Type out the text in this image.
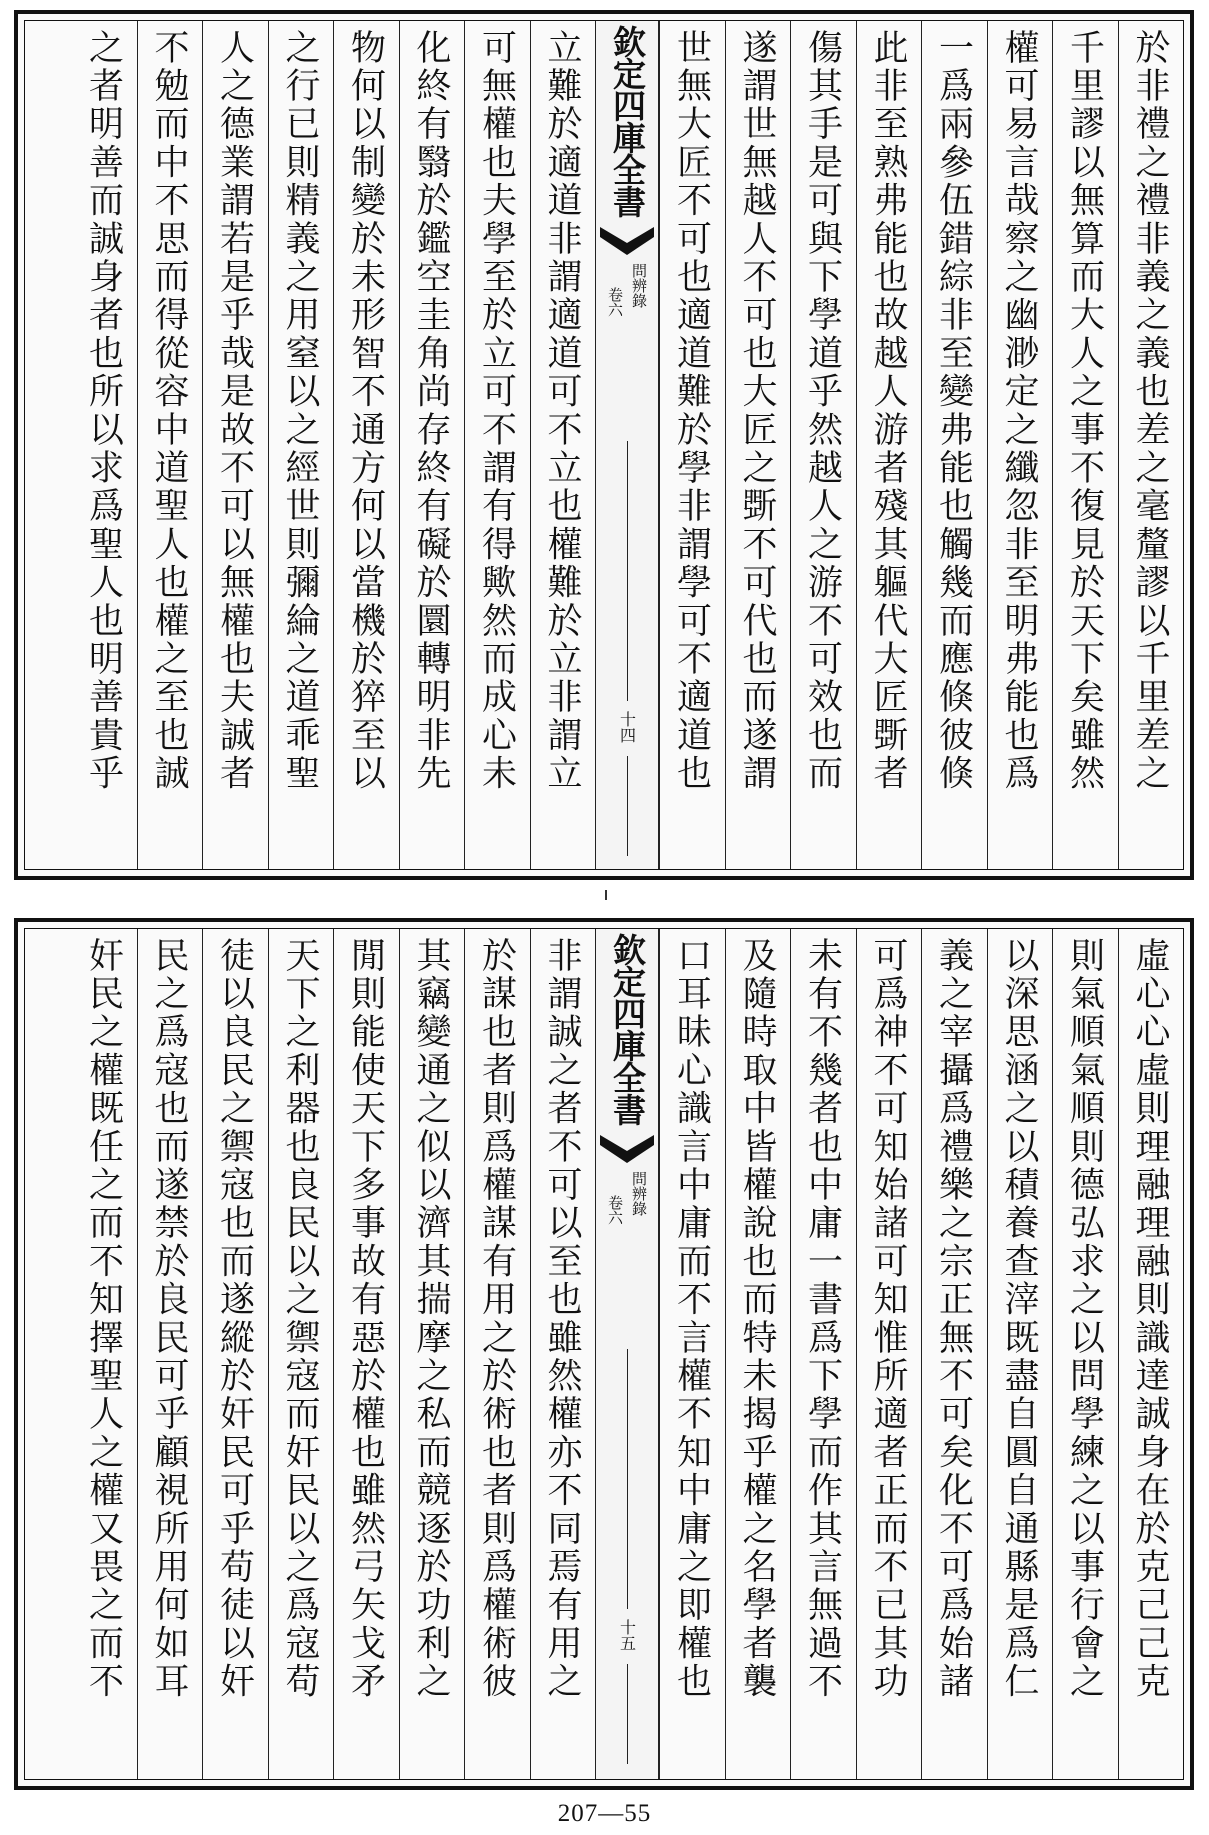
於非禮之禮非義之義也差之毫釐謬以千里差之
千里謬以無算而大人之事不復見於天下矣雖然
權可易言哉察之幽渺定之纖忽非至明弗能也爲
一爲兩參伍錯綜非至變弗能也觸幾而應倏彼倏
此非至熟弗能也故越人游者殘其軀代大匠斲者
傷其手是可與下學道乎然越人之游不可效也而
遂謂世無越人不可也大匠之斲不可代也而遂謂
世無大匠不可也適道難於學非謂學可不適道也
欽定四庫全書
問辨錄
卷六
十四
立難於適道非謂適道可不立也權難於立非謂立
可無權也夫學至於立可不謂有得歟然而成心未
化終有翳於鑑空圭角尚存終有礙於圜轉明非先
物何以制變於未形智不通方何以當機於猝至以
之行已則精義之用窒以之經世則彌綸之道乖聖
人之德業謂若是乎哉是故不可以無權也夫誠者
不勉而中不思而得從容中道聖人也權之至也誠
之者明善而誠身者也所以求爲聖人也明善貴乎
虛心心虛則理融理融則識達誠身在於克己己克
則氣順氣順則德弘求之以問學練之以事行會之
以深思涵之以積養查滓既盡自圓自通縣是爲仁
義之宰攝爲禮樂之宗正無不可矣化不可爲始諸
可爲神不可知始諸可知惟所適者正而不已其功
未有不幾者也中庸一書爲下學而作其言無過不
及隨時取中皆權說也而特未揭乎權之名學者襲
口耳昧心識言中庸而不言權不知中庸之即權也
欽定四庫全書
問辨錄
卷六
十五
非謂誠之者不可以至也雖然權亦不同焉有用之
於謀也者則爲權謀有用之於術也者則爲權術彼
其竊變通之似以濟其揣摩之私而競逐於功利之
閒則能使天下多事故有惡於權也雖然弓矢戈矛
天下之利器也良民以之禦寇而奸民以之爲寇苟
徒以良民之禦寇也而遂縱於奸民可乎苟徒以奸
民之爲寇也而遂禁於良民可乎顧視所用何如耳
奸民之權既任之而不知擇聖人之權又畏之而不
207—55
